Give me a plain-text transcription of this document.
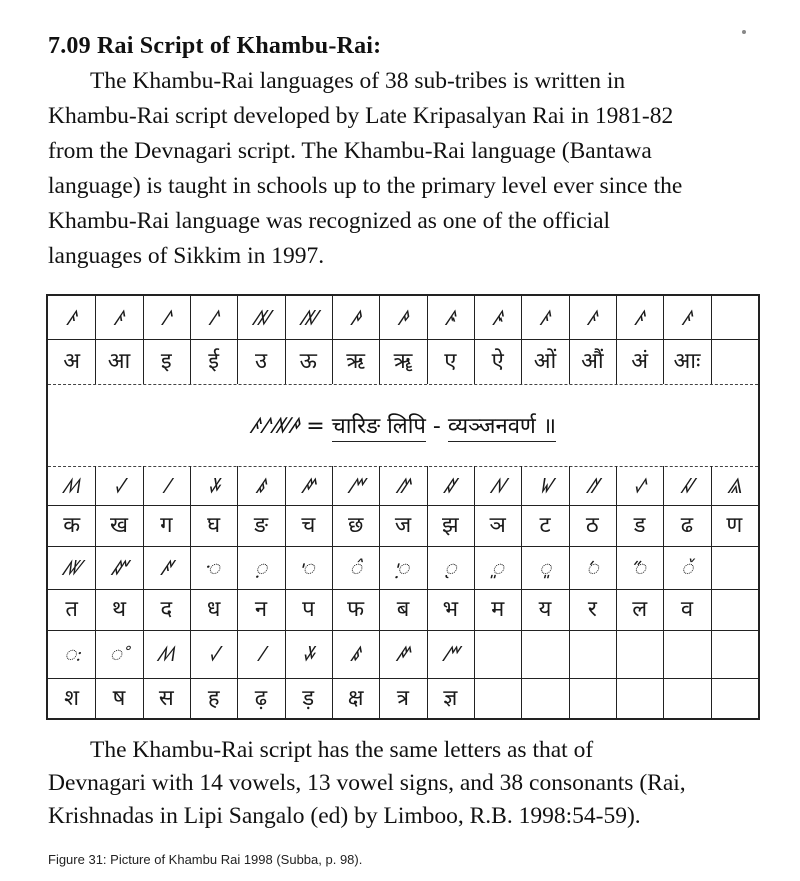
7.09 Rai Script of Khambu-Rai:
The Khambu-Rai languages of 38 sub-tribes is written in
Khambu-Rai script developed by Late Kripasalyan Rai in 1981-82
from the Devnagari script. The Khambu-Rai language (Bantawa
language) is taught in schools up to the primary level ever since the
Khambu-Rai language was recognized as one of the official
languages of Sikkim in 1997.
ꤰ	ꤰ	ꤱ	ꤱ	ꤲ	ꤲ	ꤳ	ꤳ	ꤴ	ꤴ	ꤰ	ꤰ	ꤰ	ꤰ
अ	आ	इ	ई	उ	ऊ	ऋ	ॠ	ए	ऐ	ओं	औं	अं	आः
ꤰꤱꤲꤳ = चारिङ लिपि - व्यञ्जनवर्ण ॥
ꤵ	ꤶ	ꤷ	ꤸ	ꤹ	ꤺ	ꤻ	ꤼ	ꤽ	ꤾ	ꤿ	ꥀ	ꥁ	ꥂ	ꥃ
क	ख	ग	घ	ङ	च	छ	ज	झ	ञ	ट	ठ	ड	ढ	ण
ꥄ	ꥅ	ꥆ	ꥇ	ꥈ	ꥉ	ꥊ	ꥋ	ꥌ	ꥍ	ꥎ	ꥏ	ꥐ	ꥑ
त	थ	द	ध	न	प	फ	ब	भ	म	य	र	ल	व
ꥒ	꥓	ꤵ	ꤶ	ꤷ	ꤸ	ꤹ	ꤺ	ꤻ
श	ष	स	ह	ढ़	ड़	क्ष	त्र	ज्ञ
The Khambu-Rai script has the same letters as that of
Devnagari with 14 vowels, 13 vowel signs, and 38 consonants (Rai,
Krishnadas in Lipi Sangalo (ed) by Limboo, R.B. 1998:54-59).
Figure 31: Picture of Khambu Rai 1998 (Subba, p. 98).
